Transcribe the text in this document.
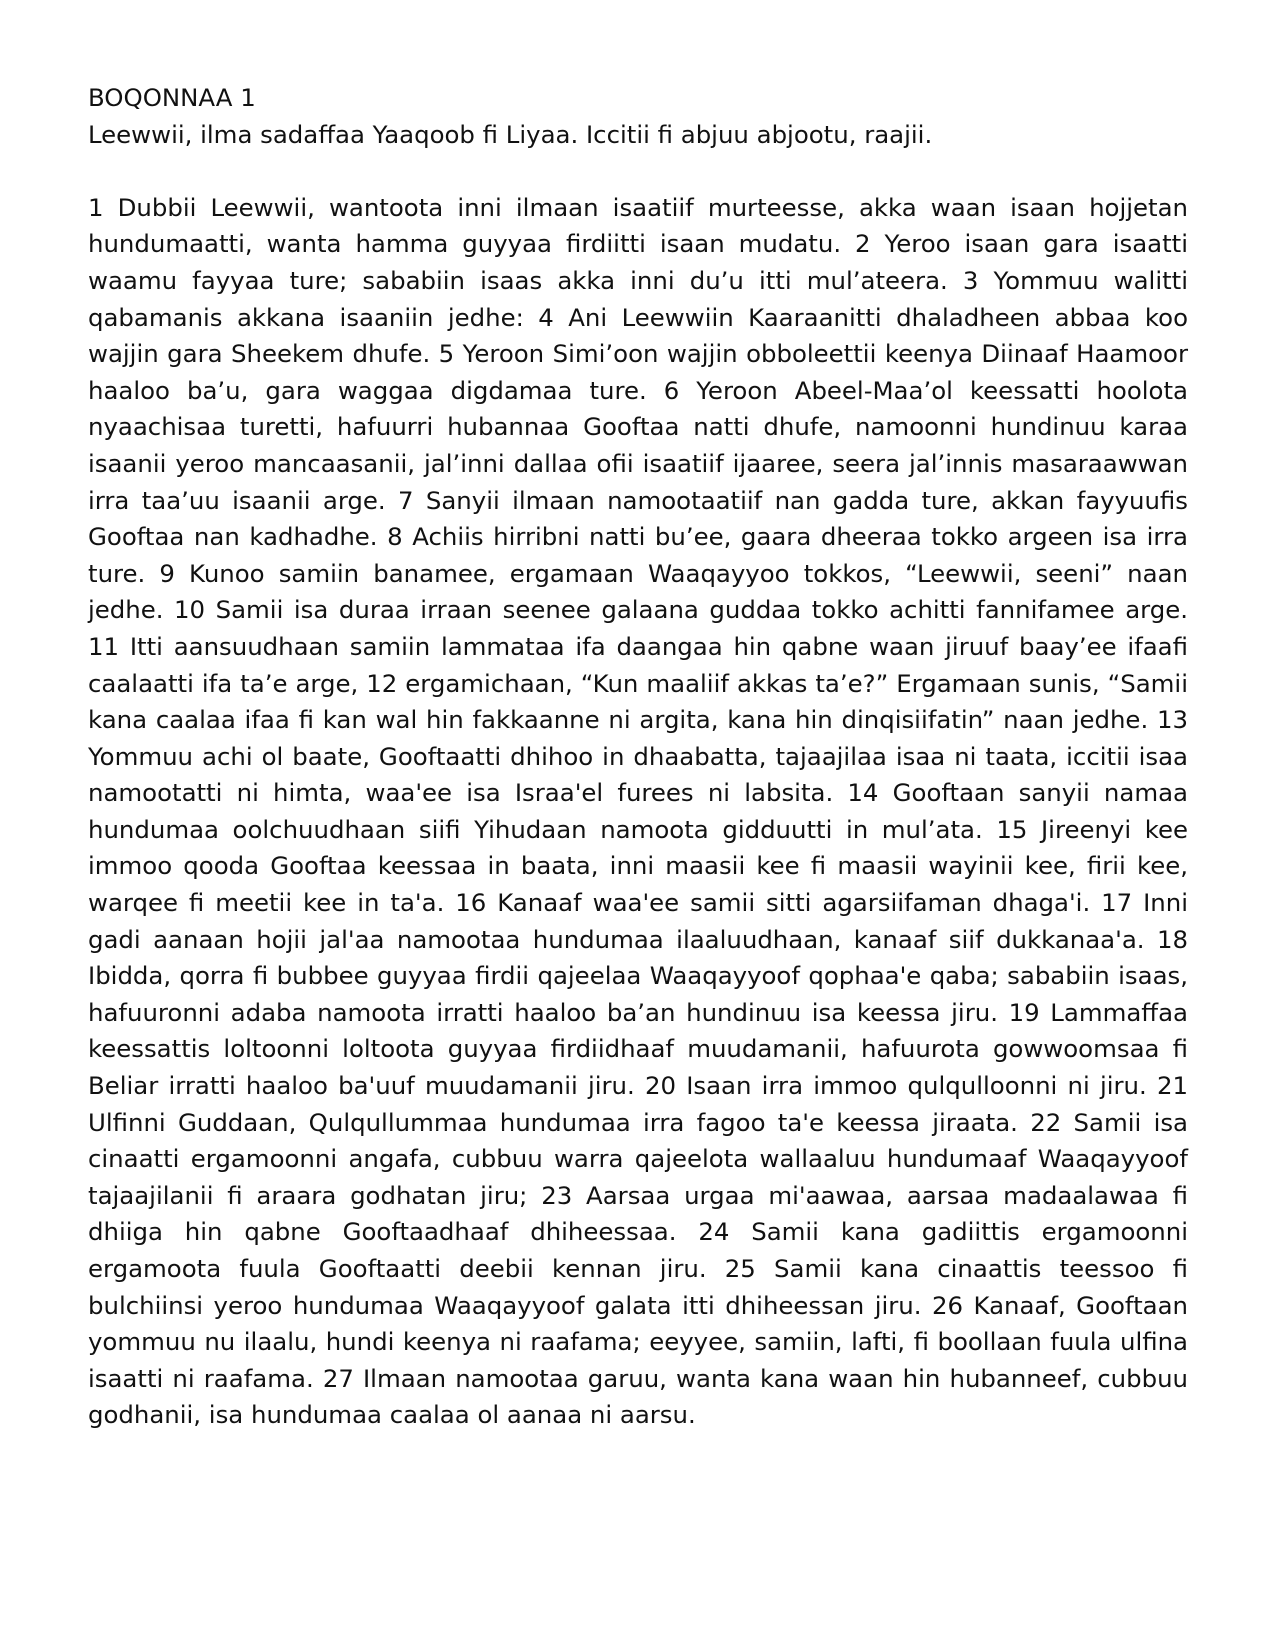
BOQONNAA 1

Leewwii, ilma sadaffaa Yaaqoob fi Liyaa. Iccitii fi abjuu abjootu, raajii.

1 Dubbii Leewwii, wantoota inni ilmaan isaatiif murteesse, akka waan isaan hojjetan hundumaatti, wanta hamma guyyaa firdiitti isaan mudatu. 2 Yeroo isaan gara isaatti waamu fayyaa ture; sababiin isaas akka inni du’u itti mul’ateera. 3 Yommuu walitti qabamanis akkana isaaniin jedhe: 4 Ani Leewwiin Kaaraanitti dhaladheen abbaa koo wajjin gara Sheekem dhufe. 5 Yeroon Simi’oon wajjin obboleettii keenya Diinaaf Haamoor haaloo ba’u, gara waggaa digdamaa ture. 6 Yeroon Abeel-Maa’ol keessatti hoolota nyaachisaa turetti, hafuurri hubannaa Gooftaa natti dhufe, namoonni hundinuu karaa isaanii yeroo mancaasanii, jal’inni dallaa ofii isaatiif ijaaree, seera jal’innis masaraawwan irra taa’uu isaanii arge. 7 Sanyii ilmaan namootaatiif nan gadda ture, akkan fayyuufis Gooftaa nan kadhadhe. 8 Achiis hirribni natti bu’ee, gaara dheeraa tokko argeen isa irra ture. 9 Kunoo samiin banamee, ergamaan Waaqayyoo tokkos, “Leewwii, seeni” naan jedhe. 10 Samii isa duraa irraan seenee galaana guddaa tokko achitti fannifamee arge. 11 Itti aansuudhaan samiin lammataa ifa daangaa hin qabne waan jiruuf baay’ee ifaafi caalaatti ifa ta’e arge, 12 ergamichaan, “Kun maaliif akkas ta’e?” Ergamaan sunis, “Samii kana caalaa ifaa fi kan wal hin fakkaanne ni argita, kana hin dinqisiifatin” naan jedhe. 13 Yommuu achi ol baate, Gooftaatti dhihoo in dhaabatta, tajaajilaa isaa ni taata, iccitii isaa namootatti ni himta, waa'ee isa Israa'el furees ni labsita. 14 Gooftaan sanyii namaa hundumaa oolchuudhaan siifi Yihudaan namoota gidduutti in mul’ata. 15 Jireenyi kee immoo qooda Gooftaa keessaa in baata, inni maasii kee fi maasii wayinii kee, firii kee, warqee fi meetii kee in ta'a. 16 Kanaaf waa'ee samii sitti agarsiifaman dhaga'i. 17 Inni gadi aanaan hojii jal'aa namootaa hundumaa ilaaluudhaan, kanaaf siif dukkanaa'a. 18 Ibidda, qorra fi bubbee guyyaa firdii qajeelaa Waaqayyoof qophaa'e qaba; sababiin isaas, hafuuronni adaba namoota irratti haaloo ba’an hundinuu isa keessa jiru. 19 Lammaffaa keessattis loltoonni loltoota guyyaa firdiidhaaf muudamanii, hafuurota gowwoomsaa fi Beliar irratti haaloo ba'uuf muudamanii jiru. 20 Isaan irra immoo qulqulloonni ni jiru. 21 Ulfinni Guddaan, Qulqullummaa hundumaa irra fagoo ta'e keessa jiraata. 22 Samii isa cinaatti ergamoonni angafa, cubbuu warra qajeelota wallaaluu hundumaaf Waaqayyoof tajaajilanii fi araara godhatan jiru; 23 Aarsaa urgaa mi'aawaa, aarsaa madaalawaa fi dhiiga hin qabne Gooftaadhaaf dhiheessaa. 24 Samii kana gadiittis ergamoonni ergamoota fuula Gooftaatti deebii kennan jiru. 25 Samii kana cinaattis teessoo fi bulchiinsi yeroo hundumaa Waaqayyoof galata itti dhiheessan jiru. 26 Kanaaf, Gooftaan yommuu nu ilaalu, hundi keenya ni raafama; eeyyee, samiin, lafti, fi boollaan fuula ulfina isaatti ni raafama. 27 Ilmaan namootaa garuu, wanta kana waan hin hubanneef, cubbuu godhanii, isa hundumaa caalaa ol aanaa ni aarsu.
